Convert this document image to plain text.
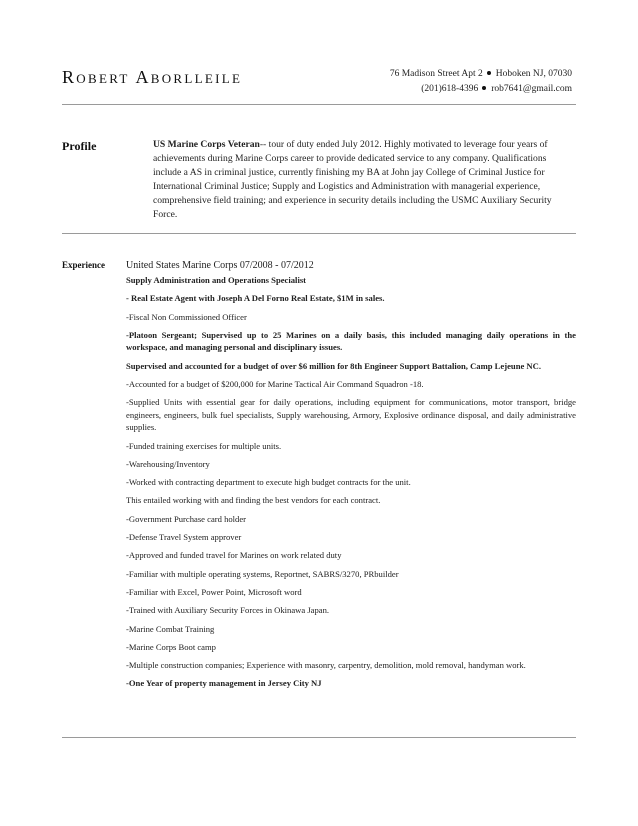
Robert Aborlleile	76 Madison Street Apt 2 Hoboken NJ, 07030
(201)618-4396 rob7641@gmail.com
Profile	US Marine Corps Veteran-- tour of duty ended July 2012. Highly motivated to leverage four years of achievements during Marine Corps career to provide dedicated service to any company. Qualifications include a AS in criminal justice, currently finishing my BA at John jay College of Criminal Justice for International Criminal Justice; Supply and Logistics and Administration with managerial experience, comprehensive field training; and experience in security details including the USMC Auxiliary Security Force.
Experience United States Marine Corps 07/2008 - 07/2012
Supply Administration and Operations Specialist
- Real Estate Agent with Joseph A Del Forno Real Estate, $1M in sales.
-Fiscal Non Commissioned Officer
-Platoon Sergeant; Supervised up to 25 Marines on a daily basis, this included managing daily operations in the workspace, and managing personal and disciplinary issues.
Supervised and accounted for a budget of over $6 million for 8th Engineer Support Battalion, Camp Lejeune NC.
-Accounted for a budget of $200,000 for Marine Tactical Air Command Squadron -18.
-Supplied Units with essential gear for daily operations, including equipment for communications, motor transport, bridge engineers, engineers, bulk fuel specialists, Supply warehousing, Armory, Explosive ordinance disposal, and daily administrative supplies.
-Funded training exercises for multiple units.
-Warehousing/Inventory
-Worked with contracting department to execute high budget contracts for the unit.
This entailed working with and finding the best vendors for each contract.
-Government Purchase card holder
-Defense Travel System approver
-Approved and funded travel for Marines on work related duty
-Familiar with multiple operating systems, Reportnet, SABRS/3270, PRbuilder
-Familiar with Excel, Power Point, Microsoft word
-Trained with Auxiliary Security Forces in Okinawa Japan.
-Marine Combat Training
-Marine Corps Boot camp
-Multiple construction companies; Experience with masonry, carpentry, demolition, mold removal, handyman work.
-One Year of property management in Jersey City NJ
